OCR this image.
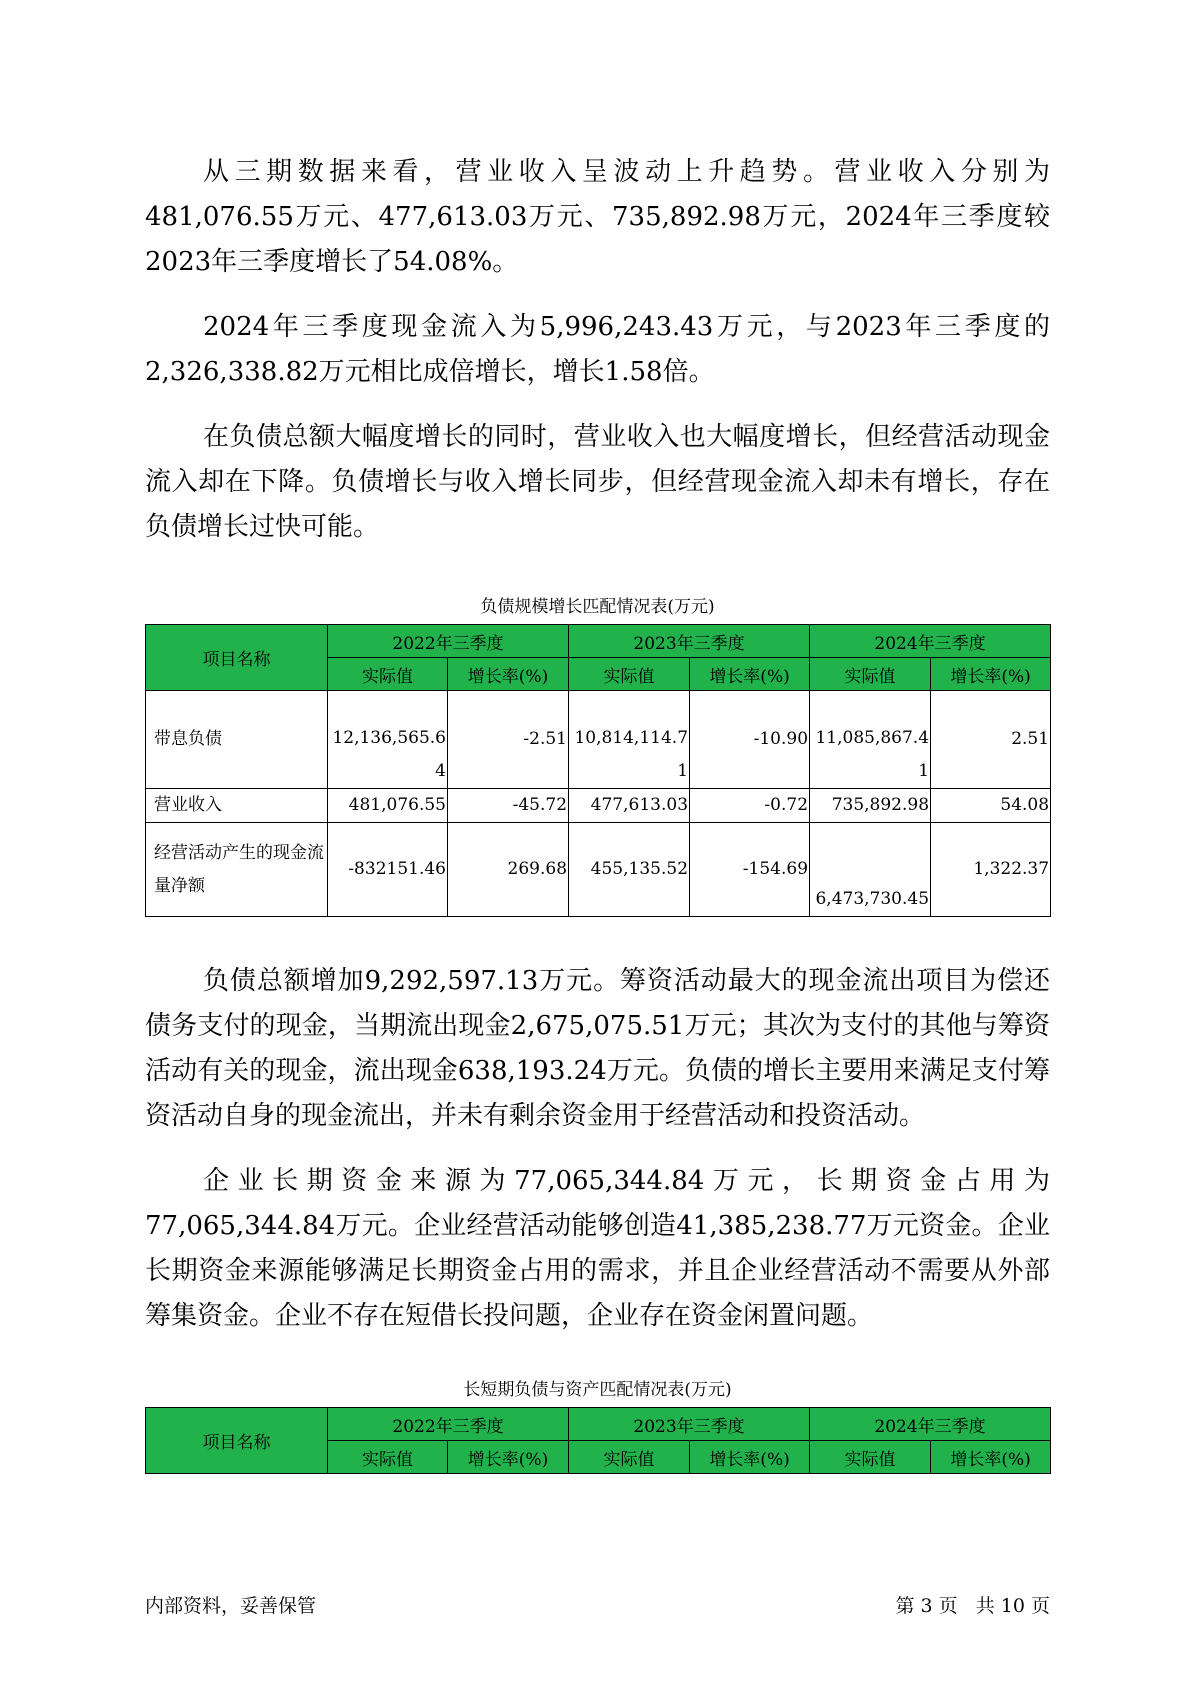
从三期数据来看，营业收入呈波动上升趋势。营业收入分别为481,076.55万元、477,613.03万元、735,892.98万元，2024年三季度较2023年三季度增长了54.08%。

2024年三季度现金流入为5,996,243.43万元，与2023年三季度的2,326,338.82万元相比成倍增长，增长1.58倍。

在负债总额大幅度增长的同时，营业收入也大幅度增长，但经营活动现金流入却在下降。负债增长与收入增长同步，但经营现金流入却未有增长，存在负债增长过快可能。

负债规模增长匹配情况表(万元)

项目名称	2022年三季度		2023年三季度		2024年三季度	
	实际值	增长率(%)	实际值	增长率(%)	实际值	增长率(%)
带息负债	12,136,565.64	-2.51	10,814,114.71	-10.90	11,085,867.41	2.51
营业收入	481,076.55	-45.72	477,613.03	-0.72	735,892.98	54.08
经营活动产生的现金流量净额	-832151.46	269.68	455,135.52	-154.69	6,473,730.45	1,322.37

负债总额增加9,292,597.13万元。筹资活动最大的现金流出项目为偿还债务支付的现金，当期流出现金2,675,075.51万元；其次为支付的其他与筹资活动有关的现金，流出现金638,193.24万元。负债的增长主要用来满足支付筹资活动自身的现金流出，并未有剩余资金用于经营活动和投资活动。

企业长期资金来源为77,065,344.84万元，长期资金占用为77,065,344.84万元。企业经营活动能够创造41,385,238.77万元资金。企业长期资金来源能够满足长期资金占用的需求，并且企业经营活动不需要从外部筹集资金。企业不存在短借长投问题，企业存在资金闲置问题。

长短期负债与资产匹配情况表(万元)

项目名称	2022年三季度		2023年三季度		2024年三季度	
	实际值	增长率(%)	实际值	增长率(%)	实际值	增长率(%)
内部资料，妥善保管	第 3 页   共 10 页
